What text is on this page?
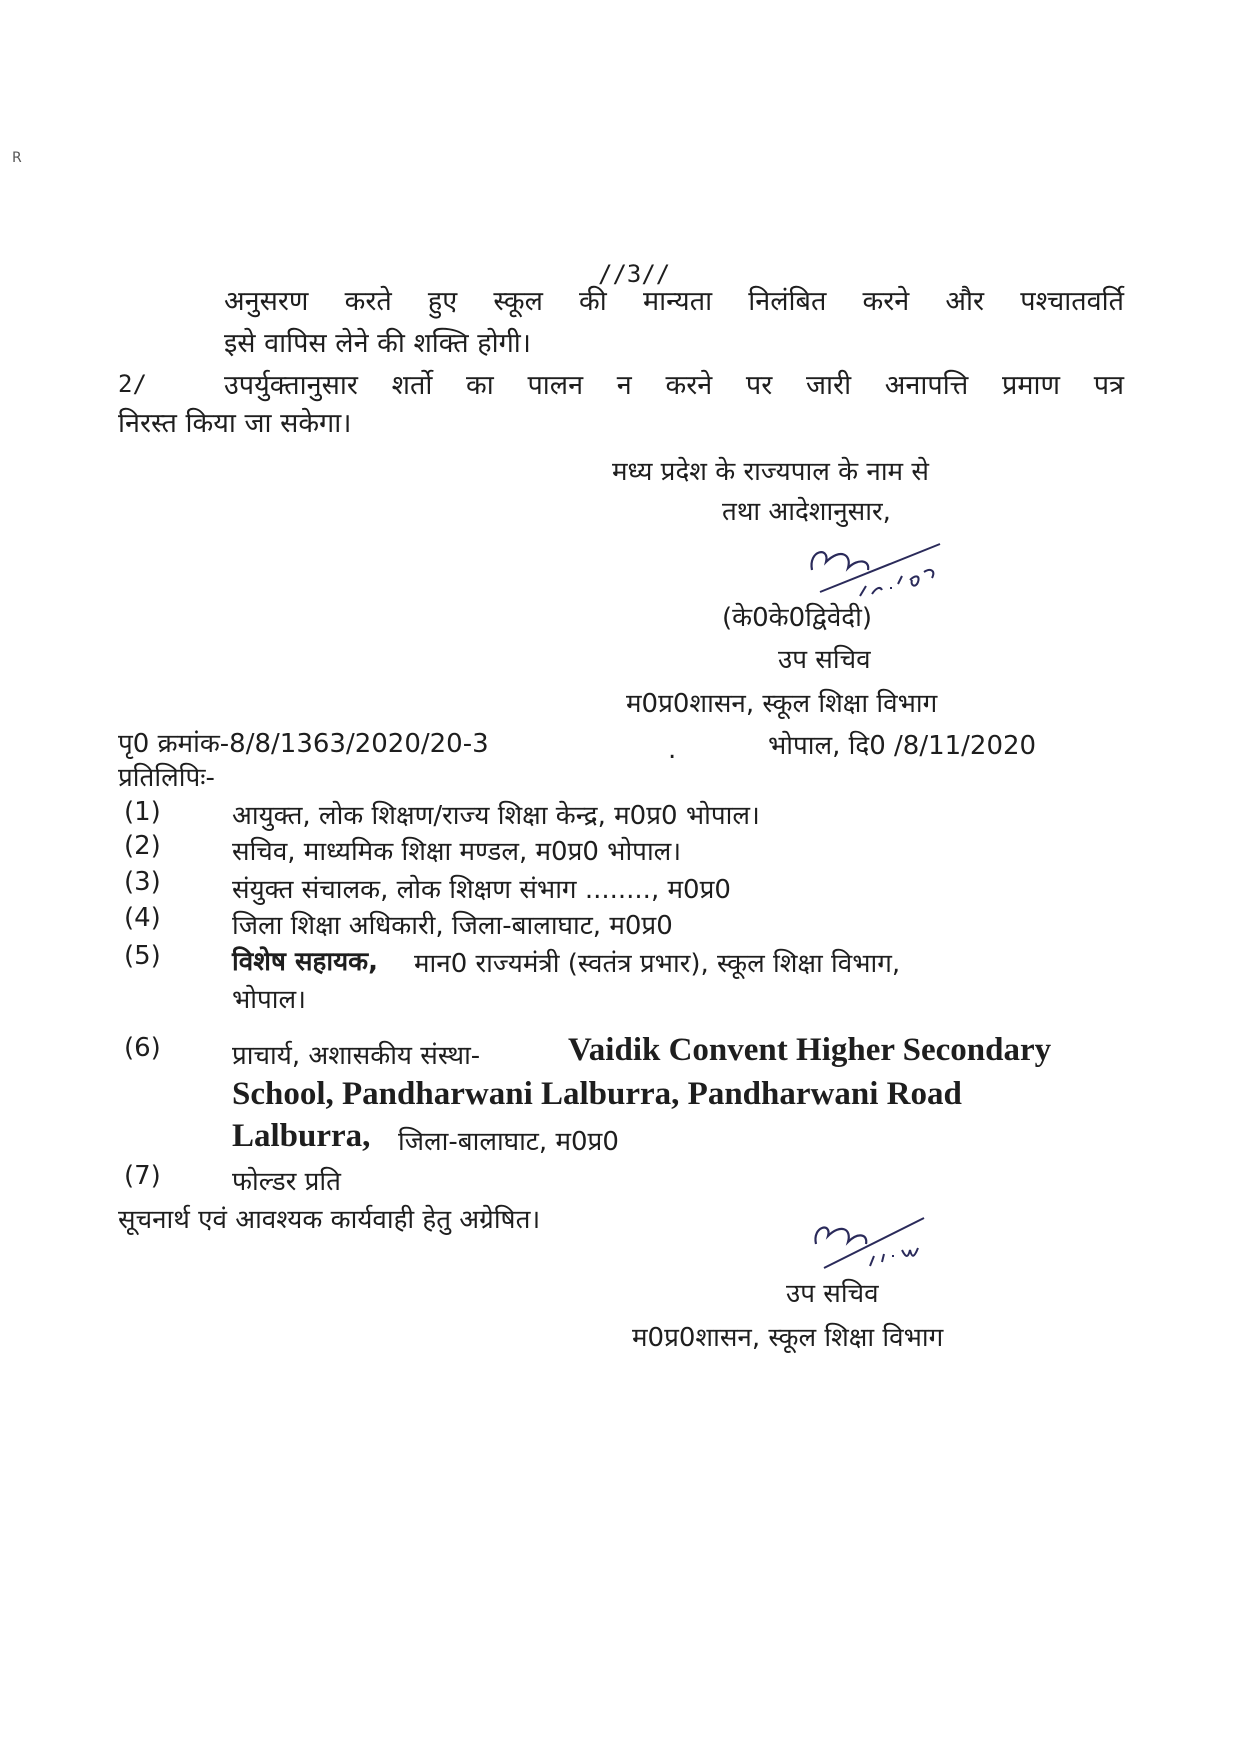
R
//3//
अनुसरण करते हुए स्कूल की मान्यता निलंबित करने और पश्चातवर्ति
इसे वापिस लेने की शक्ति होगी।
2/	उपर्युक्तानुसार शर्तो का पालन न करने पर जारी अनापत्ति प्रमाण पत्र
निरस्त किया जा सकेगा।
मध्य प्रदेश के राज्यपाल के नाम से
तथा आदेशानुसार,
(के0के0द्विवेदी)
उप सचिव
म0प्र0शासन, स्कूल शिक्षा विभाग
पृ0 क्रमांक-8/8/1363/2020/20-3	.	भोपाल, दि0 /8/11/2020
प्रतिलिपिः-
(1)	आयुक्त, लोक शिक्षण/राज्य शिक्षा केन्द्र, म0प्र0 भोपाल।
(2)	सचिव, माध्यमिक शिक्षा मण्डल, म0प्र0 भोपाल।
(3)	संयुक्त संचालक, लोक शिक्षण संभाग ........, म0प्र0
(4)	जिला शिक्षा अधिकारी, जिला-बालाघाट, म0प्र0
(5)	विशेष सहायक, मान0 राज्यमंत्री (स्वतंत्र प्रभार), स्कूल शिक्षा विभाग,
भोपाल।
(6)	प्राचार्य, अशासकीय संस्था-	Vaidik Convent Higher Secondary
School, Pandharwani Lalburra, Pandharwani Road
Lalburra, जिला-बालाघाट, म0प्र0
(7)	फोल्डर प्रति
सूचनार्थ एवं आवश्यक कार्यवाही हेतु अग्रेषित।
उप सचिव
म0प्र0शासन, स्कूल शिक्षा विभाग
